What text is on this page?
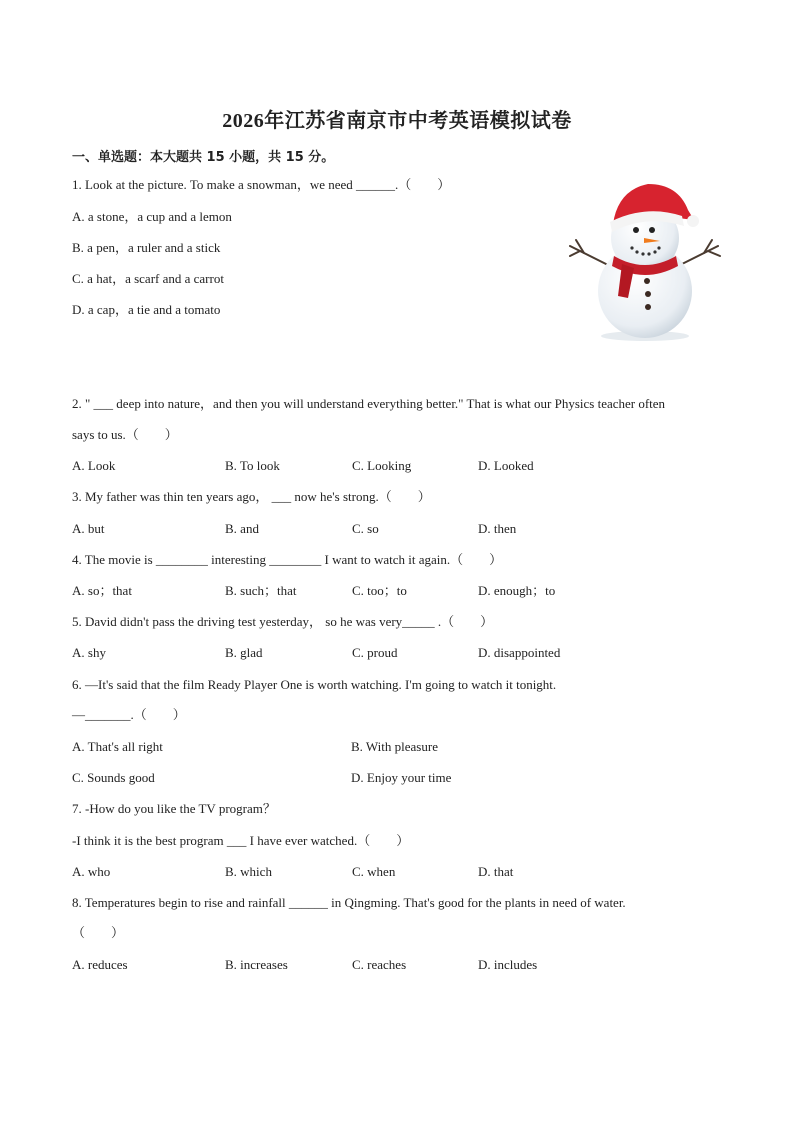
2026年江苏省南京市中考英语模拟试卷
一、单选题：本大题共 15 小题，共 15 分。
1. Look at the picture. To make a snowman，we need ______.（　　）
A. a stone，a cup and a lemon
B. a pen，a ruler and a stick
C. a hat，a scarf and a carrot
D. a cap，a tie and a tomato
2. " ___ deep into nature，and then you will understand everything better." That is what our Physics teacher often
says to us.（　　）
A. Look	B. To look	C. Looking	D. Looked
3. My father was thin ten years ago， ___ now he's strong.（　　）
A. but	B. and	C. so	D. then
4. The movie is ________ interesting ________ I want to watch it again.（　　）
A. so；that	B. such；that	C. too；to	D. enough；to
5. David didn't pass the driving test yesterday， so he was very_____ .（　　）
A. shy	B. glad	C. proud	D. disappointed
6. —It's said that the film Ready Player One is worth watching. I'm going to watch it tonight.
—_______.（　　）
A. That's all right	B. With pleasure
C. Sounds good	D. Enjoy your time
7. -How do you like the TV program？
-I think it is the best program ___ I have ever watched.（　　）
A. who	B. which	C. when	D. that
8. Temperatures begin to rise and rainfall ______ in Qingming. That's good for the plants in need of water.
（　　）
A. reduces	B. increases	C. reaches	D. includes
